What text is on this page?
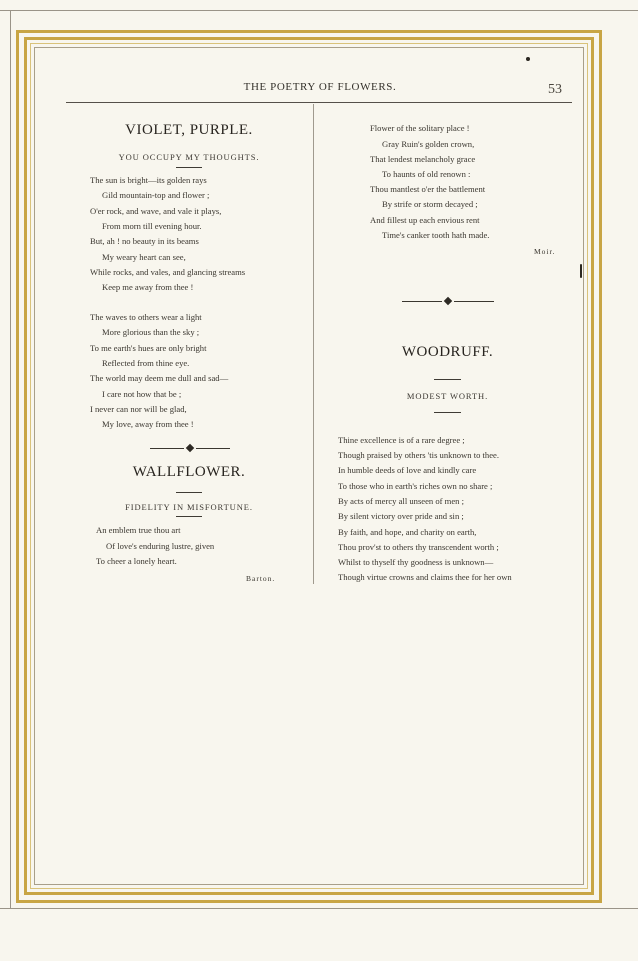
THE POETRY OF FLOWERS.	53
VIOLET, PURPLE.
YOU OCCUPY MY THOUGHTS.
The sun is bright—its golden rays
Gild mountain-top and flower ;
O'er rock, and wave, and vale it plays,
From morn till evening hour.
But, ah ! no beauty in its beams
My weary heart can see,
While rocks, and vales, and glancing streams
Keep me away from thee !
The waves to others wear a light
More glorious than the sky ;
To me earth's hues are only bright
Reflected from thine eye.
The world may deem me dull and sad—
I care not how that be ;
I never can nor will be glad,
My love, away from thee !
WALLFLOWER.
FIDELITY IN MISFORTUNE.
An emblem true thou art
Of love's enduring lustre, given
To cheer a lonely heart.
Barton.
Flower of the solitary place !
Gray Ruin's golden crown,
That lendest melancholy grace
To haunts of old renown :
Thou mantlest o'er the battlement
By strife or storm decayed ;
And fillest up each envious rent
Time's canker tooth hath made.
Moir.
WOODRUFF.
MODEST WORTH.
Thine excellence is of a rare degree ;
Though praised by others 'tis unknown to thee.
In humble deeds of love and kindly care
To those who in earth's riches own no share ;
By acts of mercy all unseen of men ;
By silent victory over pride and sin ;
By faith, and hope, and charity on earth,
Thou prov'st to others thy transcendent worth ;
Whilst to thyself thy goodness is unknown—
Though virtue crowns and claims thee for her own
